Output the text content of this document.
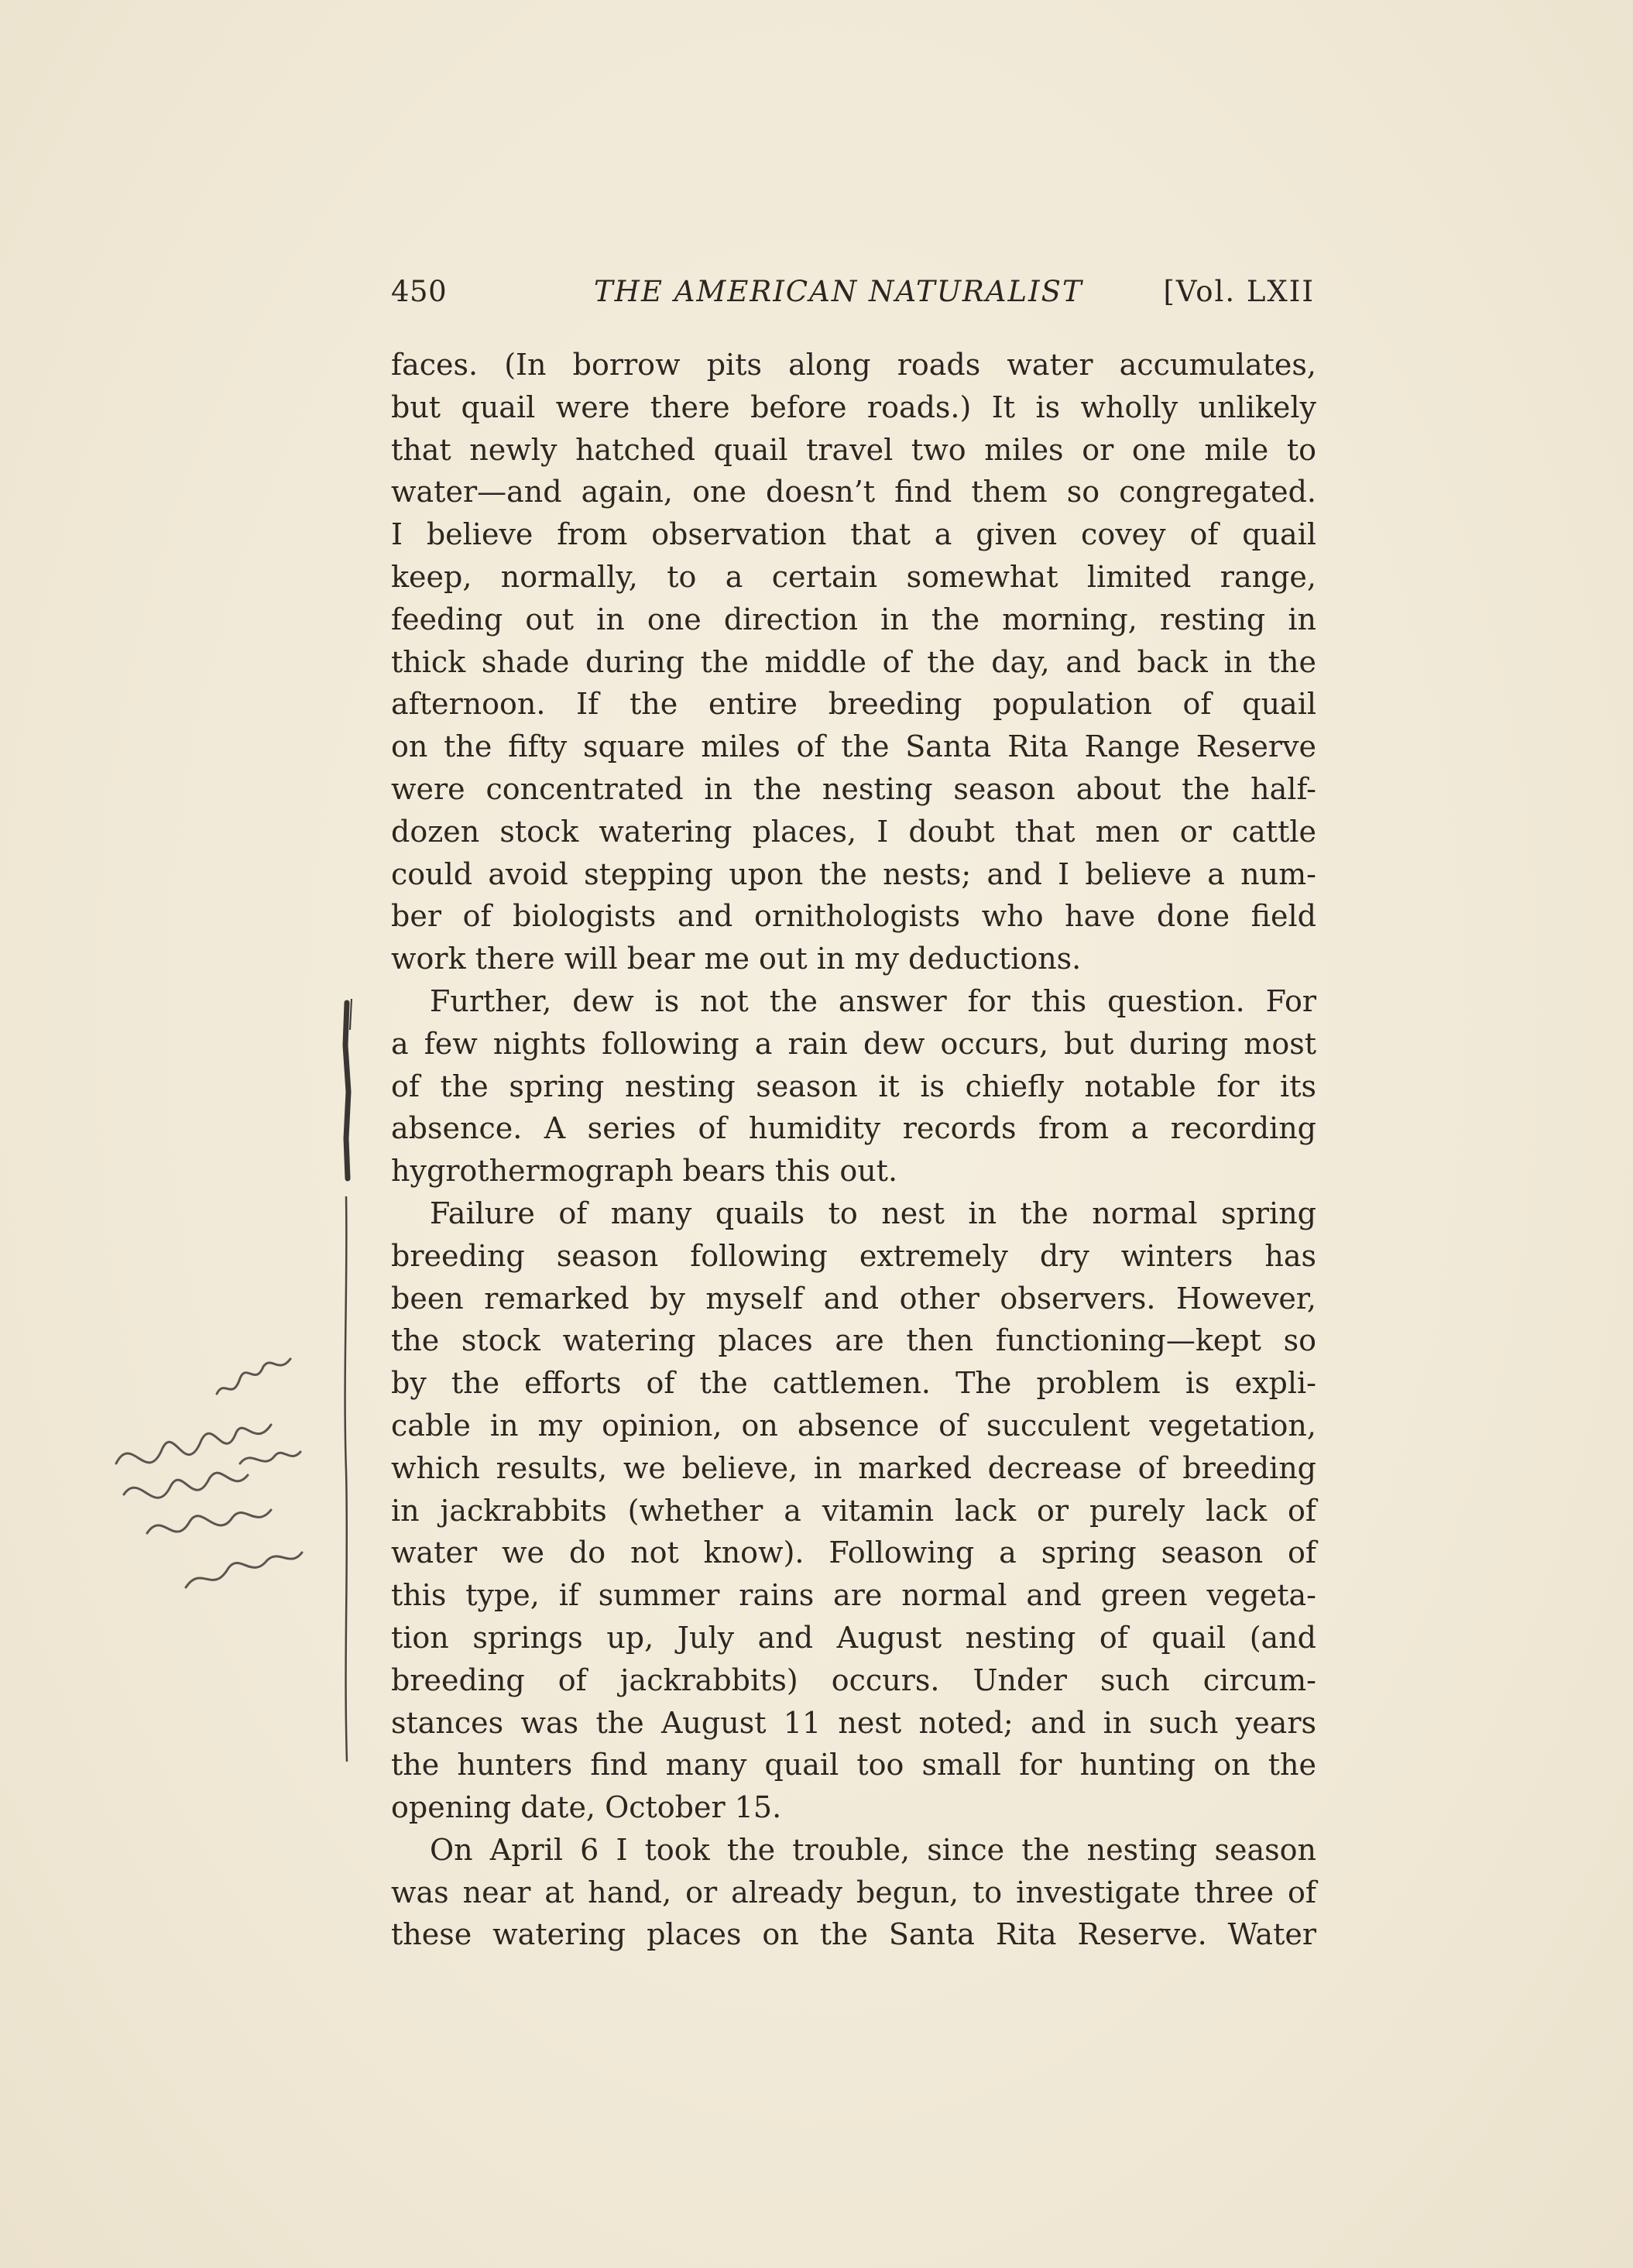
450	THE AMERICAN NATURALIST	[Vol. LXII
faces. (In borrow pits along roads water accumulates,
but quail were there before roads.) It is wholly unlikely
that newly hatched quail travel two miles or one mile to
water—and again, one doesn’t find them so congregated.
I believe from observation that a given covey of quail
keep, normally, to a certain somewhat limited range,
feeding out in one direction in the morning, resting in
thick shade during the middle of the day, and back in the
afternoon. If the entire breeding population of quail
on the fifty square miles of the Santa Rita Range Reserve
were concentrated in the nesting season about the half-
dozen stock watering places, I doubt that men or cattle
could avoid stepping upon the nests; and I believe a num-
ber of biologists and ornithologists who have done field
work there will bear me out in my deductions.
Further, dew is not the answer for this question. For
a few nights following a rain dew occurs, but during most
of the spring nesting season it is chiefly notable for its
absence. A series of humidity records from a recording
hygrothermograph bears this out.
Failure of many quails to nest in the normal spring
breeding season following extremely dry winters has
been remarked by myself and other observers. However,
the stock watering places are then functioning—kept so
by the efforts of the cattlemen. The problem is expli-
cable in my opinion, on absence of succulent vegetation,
which results, we believe, in marked decrease of breeding
in jackrabbits (whether a vitamin lack or purely lack of
water we do not know). Following a spring season of
this type, if summer rains are normal and green vegeta-
tion springs up, July and August nesting of quail (and
breeding of jackrabbits) occurs. Under such circum-
stances was the August 11 nest noted; and in such years
the hunters find many quail too small for hunting on the
opening date, October 15.
On April 6 I took the trouble, since the nesting season
was near at hand, or already begun, to investigate three of
these watering places on the Santa Rita Reserve. Water
